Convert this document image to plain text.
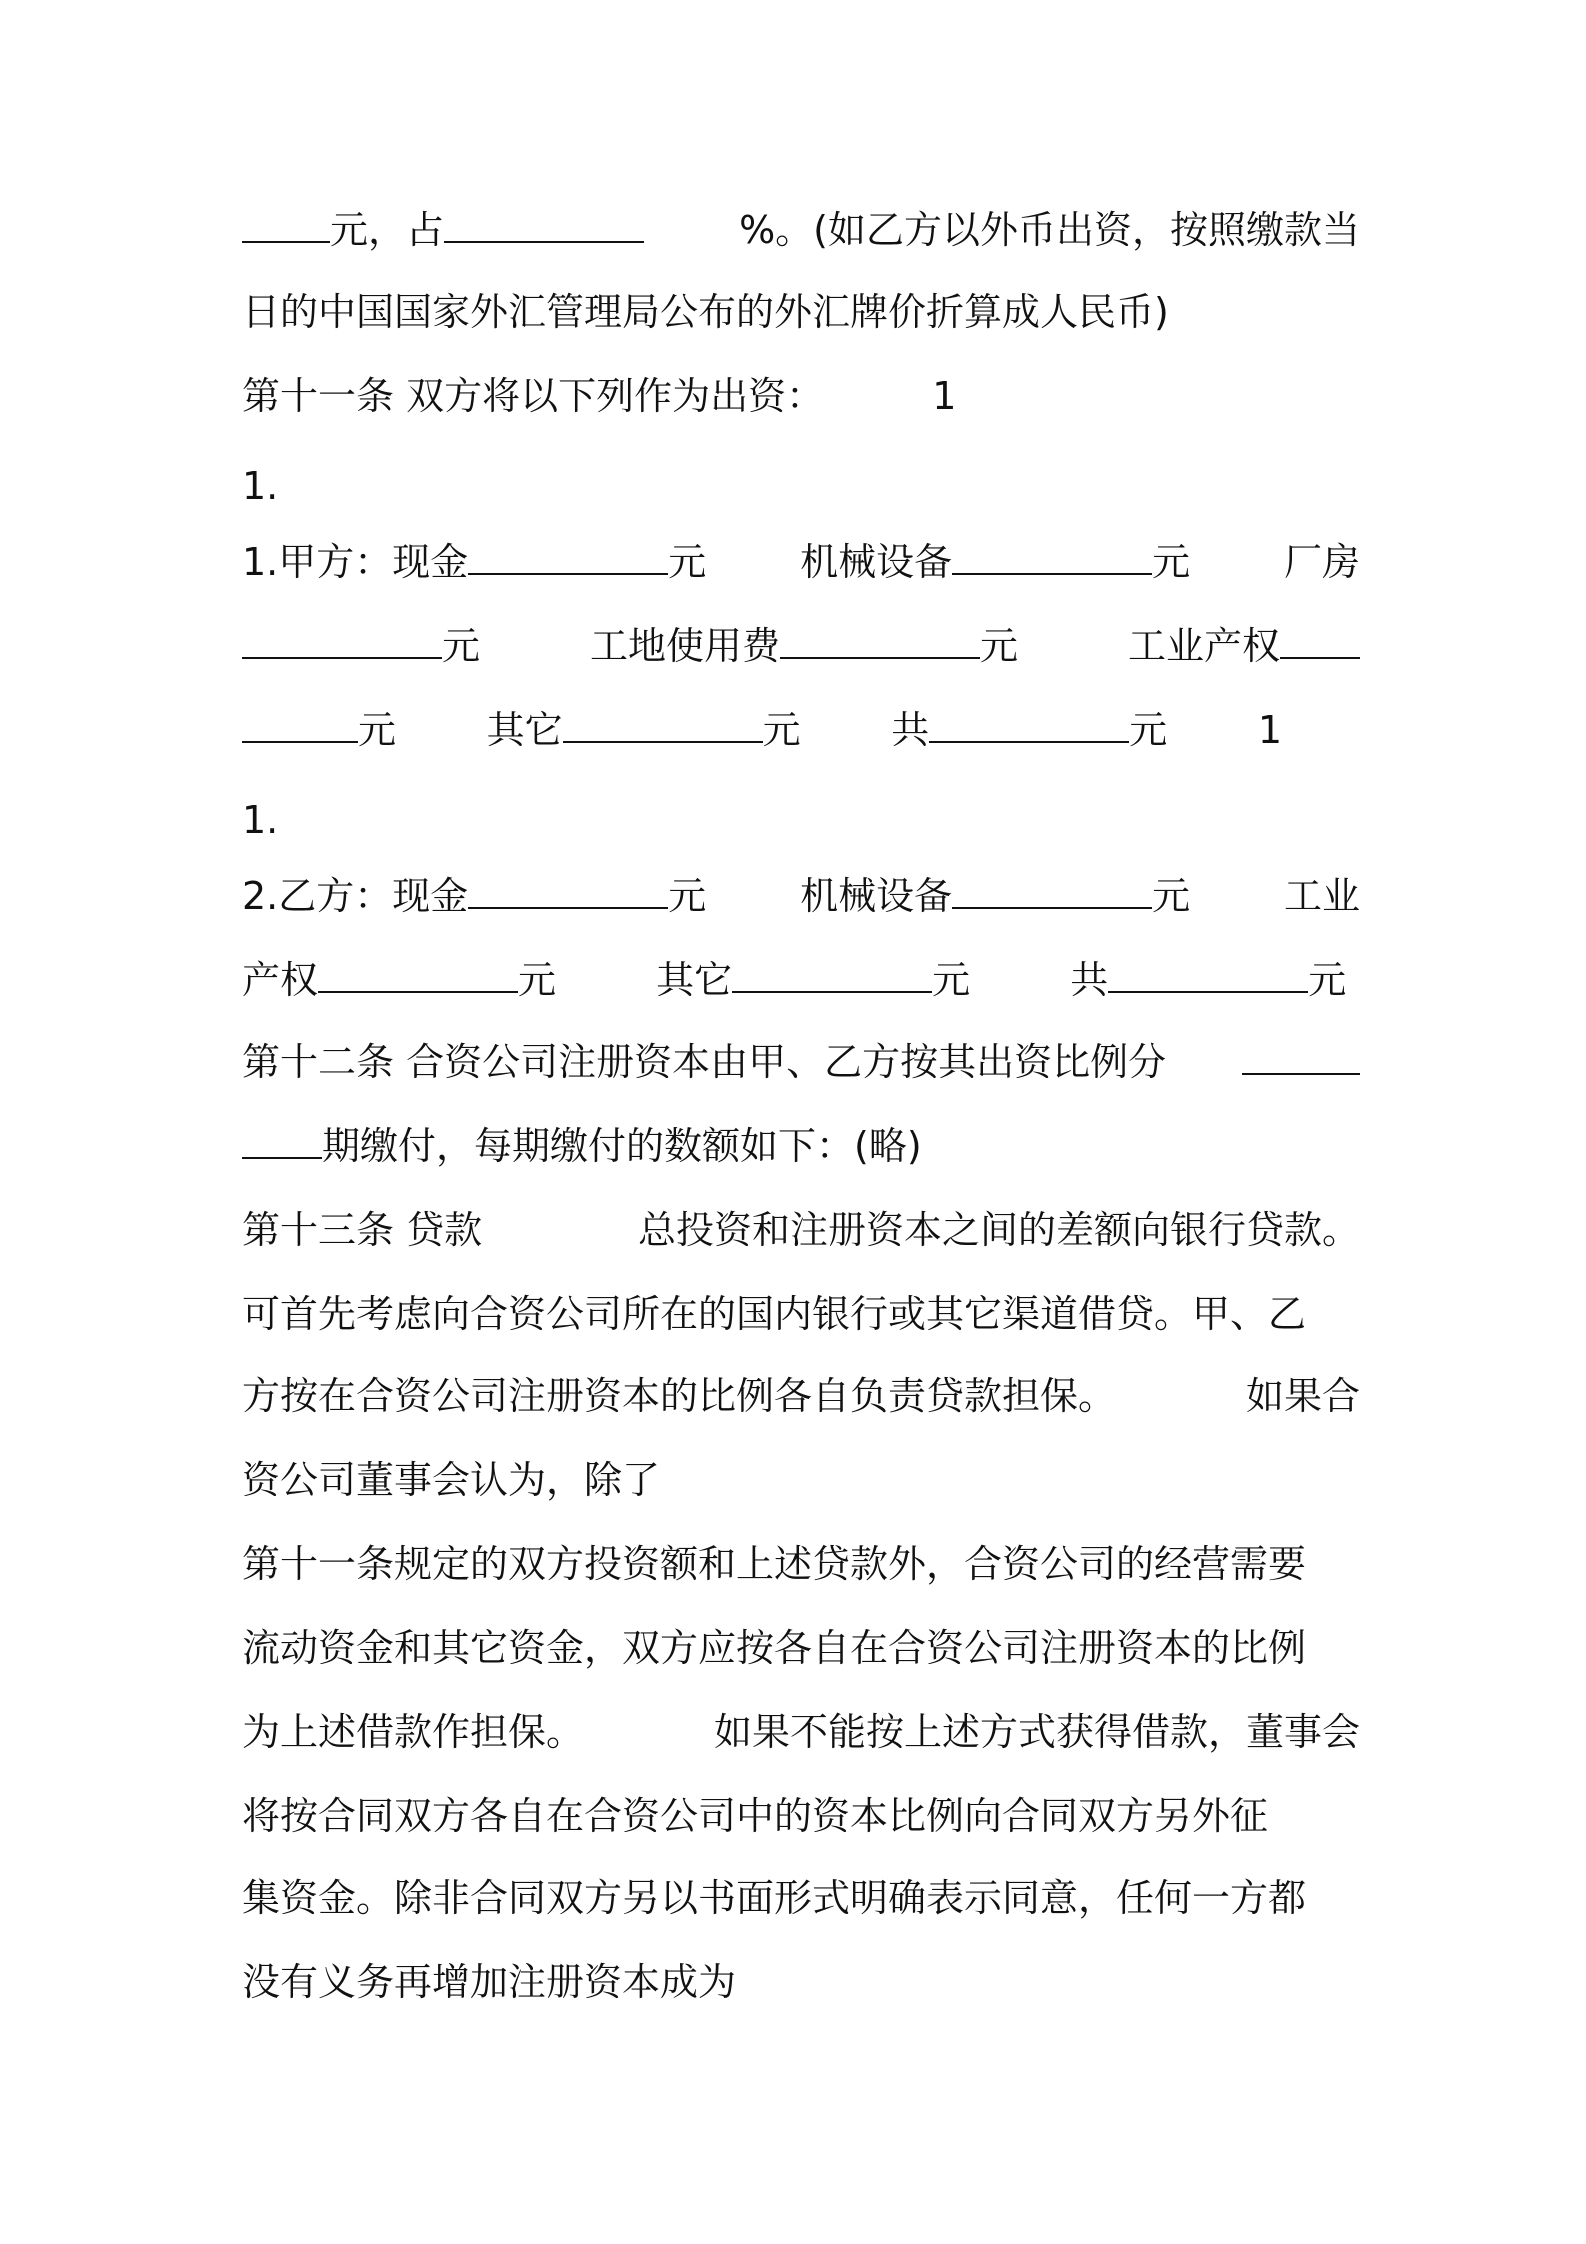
元，占	%。(如乙方以外币出资，按照缴款当
日的中国国家外汇管理局公布的外汇牌价折算成人民币)
第十一条 双方将以下列作为出资：	1
1.
1.甲方：现金	元 机械设备	元 厂房
元	工地使用费	元	工业产权
元 其它	元 共	元 1
1.
2.乙方：现金	元 机械设备	元 工业
产权	元
	其它	元
	共	元
第十二条 合资公司注册资本由甲、乙方按其出资比例分
期缴付，每期缴付的数额如下：(略)
第十三条 贷款	总投资和注册资本之间的差额向银行贷款。
可首先考虑向合资公司所在的国内银行或其它渠道借贷。甲、乙
方按在合资公司注册资本的比例各自负责贷款担保。	如果合
资公司董事会认为，除了
第十一条规定的双方投资额和上述贷款外，合资公司的经营需要
流动资金和其它资金，双方应按各自在合资公司注册资本的比例
为上述借款作担保。	如果不能按上述方式获得借款，董事会
将按合同双方各自在合资公司中的资本比例向合同双方另外征
集资金。除非合同双方另以书面形式明确表示同意，任何一方都
没有义务再增加注册资本成为
